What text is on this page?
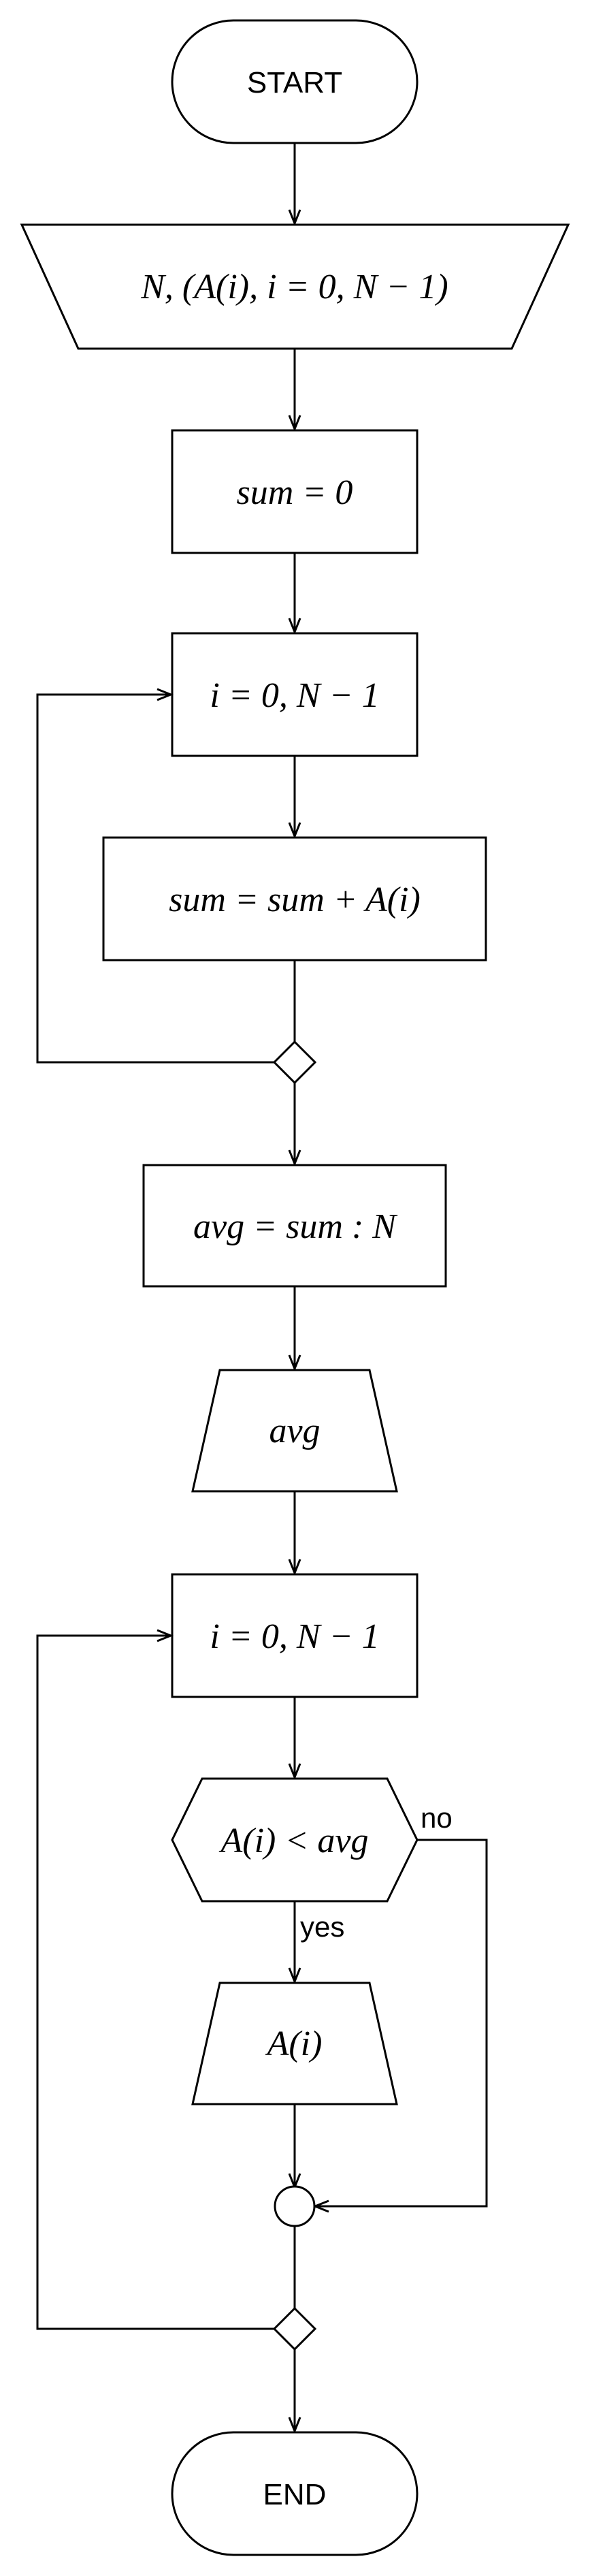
START
N, (A(i), i = 0, N − 1)
sum = 0
i = 0, N − 1
sum = sum + A(i)
avg = sum : N
avg
i = 0, N − 1
A(i) < avg
yes
A(i)
no
END
